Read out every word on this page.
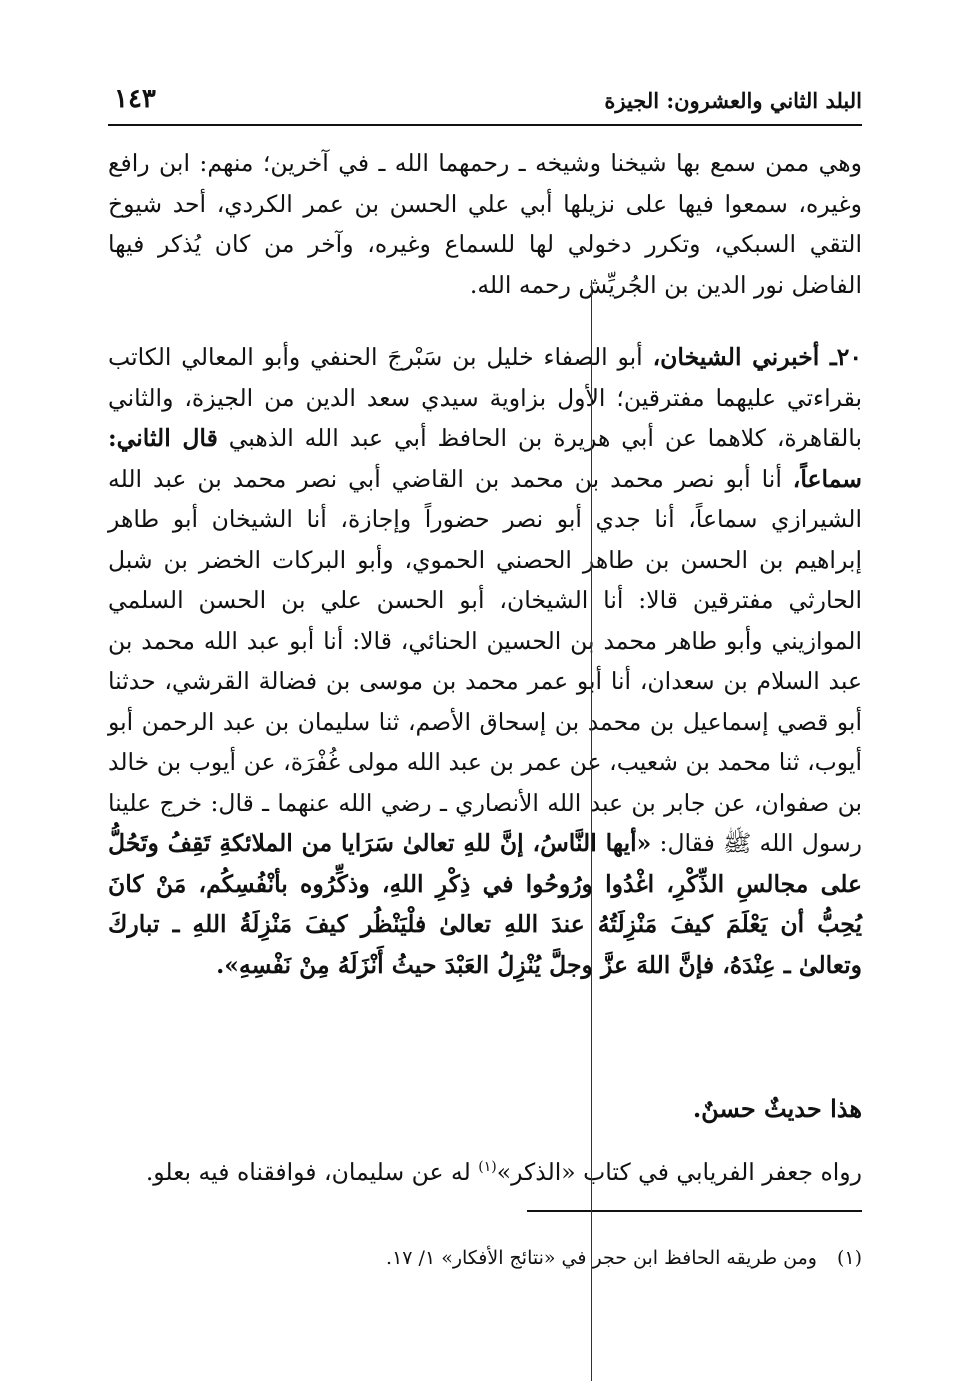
البلد الثاني والعشرون: الجيزة
١٤٣

وهي ممن سمع بها شيخنا وشيخه ـ رحمهما الله ـ في آخرين؛ منهم: ابن رافع وغيره، سمعوا فيها على نزيلها أبي علي الحسن بن عمر الكردي، أحد شيوخ التقي السبكي، وتكرر دخولي لها للسماع وغيره، وآخر من كان يُذكر فيها الفاضل نور الدين بن الجُريِّش رحمه الله.

٢٠ـ أخبرني الشيخان، أبو الصفاء خليل بن سَبْرجَ الحنفي وأبو المعالي الكاتب بقراءتي عليهما مفترقين؛ الأول بزاوية سيدي سعد الدين من الجيزة، والثاني بالقاهرة، كلاهما عن أبي هريرة بن الحافظ أبي عبد الله الذهبي قال الثاني: سماعاً، أنا أبو نصر محمد بن محمد بن القاضي أبي نصر محمد بن عبد الله الشيرازي سماعاً، أنا جدي أبو نصر حضوراً وإجازة، أنا الشيخان أبو طاهر إبراهيم بن الحسن بن طاهر الحصني الحموي، وأبو البركات الخضر بن شبل الحارثي مفترقين قالا: أنا الشيخان، أبو الحسن علي بن الحسن السلمي الموازيني وأبو طاهر محمد بن الحسين الحنائي، قالا: أنا أبو عبد الله محمد بن عبد السلام بن سعدان، أنا أبو عمر محمد بن موسى بن فضالة القرشي، حدثنا أبو قصي إسماعيل بن محمد بن إسحاق الأصم، ثنا سليمان بن عبد الرحمن أبو أيوب، ثنا محمد بن شعيب، عن عمر بن عبد الله مولى غُفْرَة، عن أيوب بن خالد بن صفوان، عن جابر بن عبد الله الأنصاري ـ رضي الله عنهما ـ قال: خرج علينا رسول الله ﷺ فقال: «أيها النَّاسُ، إنَّ للهِ تعالىٰ سَرَايا من الملائكةِ تَقِفُ وتَحُلُّ على مجالسِ الذِّكْرِ، اغْدُوا ورُوحُوا في ذِكْرِ اللهِ، وذكِّرُوه بأنْفُسِكُم، مَنْ كانَ يُحِبُّ أن يَعْلَمَ كيفَ مَنْزِلَتُهُ عندَ اللهِ تعالىٰ فلْيَنْظُر كيفَ مَنْزِلَةُ اللهِ ـ تباركَ وتعالىٰ ـ عِنْدَهُ، فإنَّ اللهَ عزَّ وجلَّ يُنْزِلُ العَبْدَ حيثُ أَنْزَلَهُ مِنْ نَفْسِهِ».

هذا حديثٌ حسنٌ.

رواه جعفر الفريابي في كتاب «الذكر»$^{(١)}$ له عن سليمان، فوافقناه فيه بعلو.

(١)ومن طريقه الحافظ ابن حجر في «نتائج الأفكار» ١/ ١٧.
